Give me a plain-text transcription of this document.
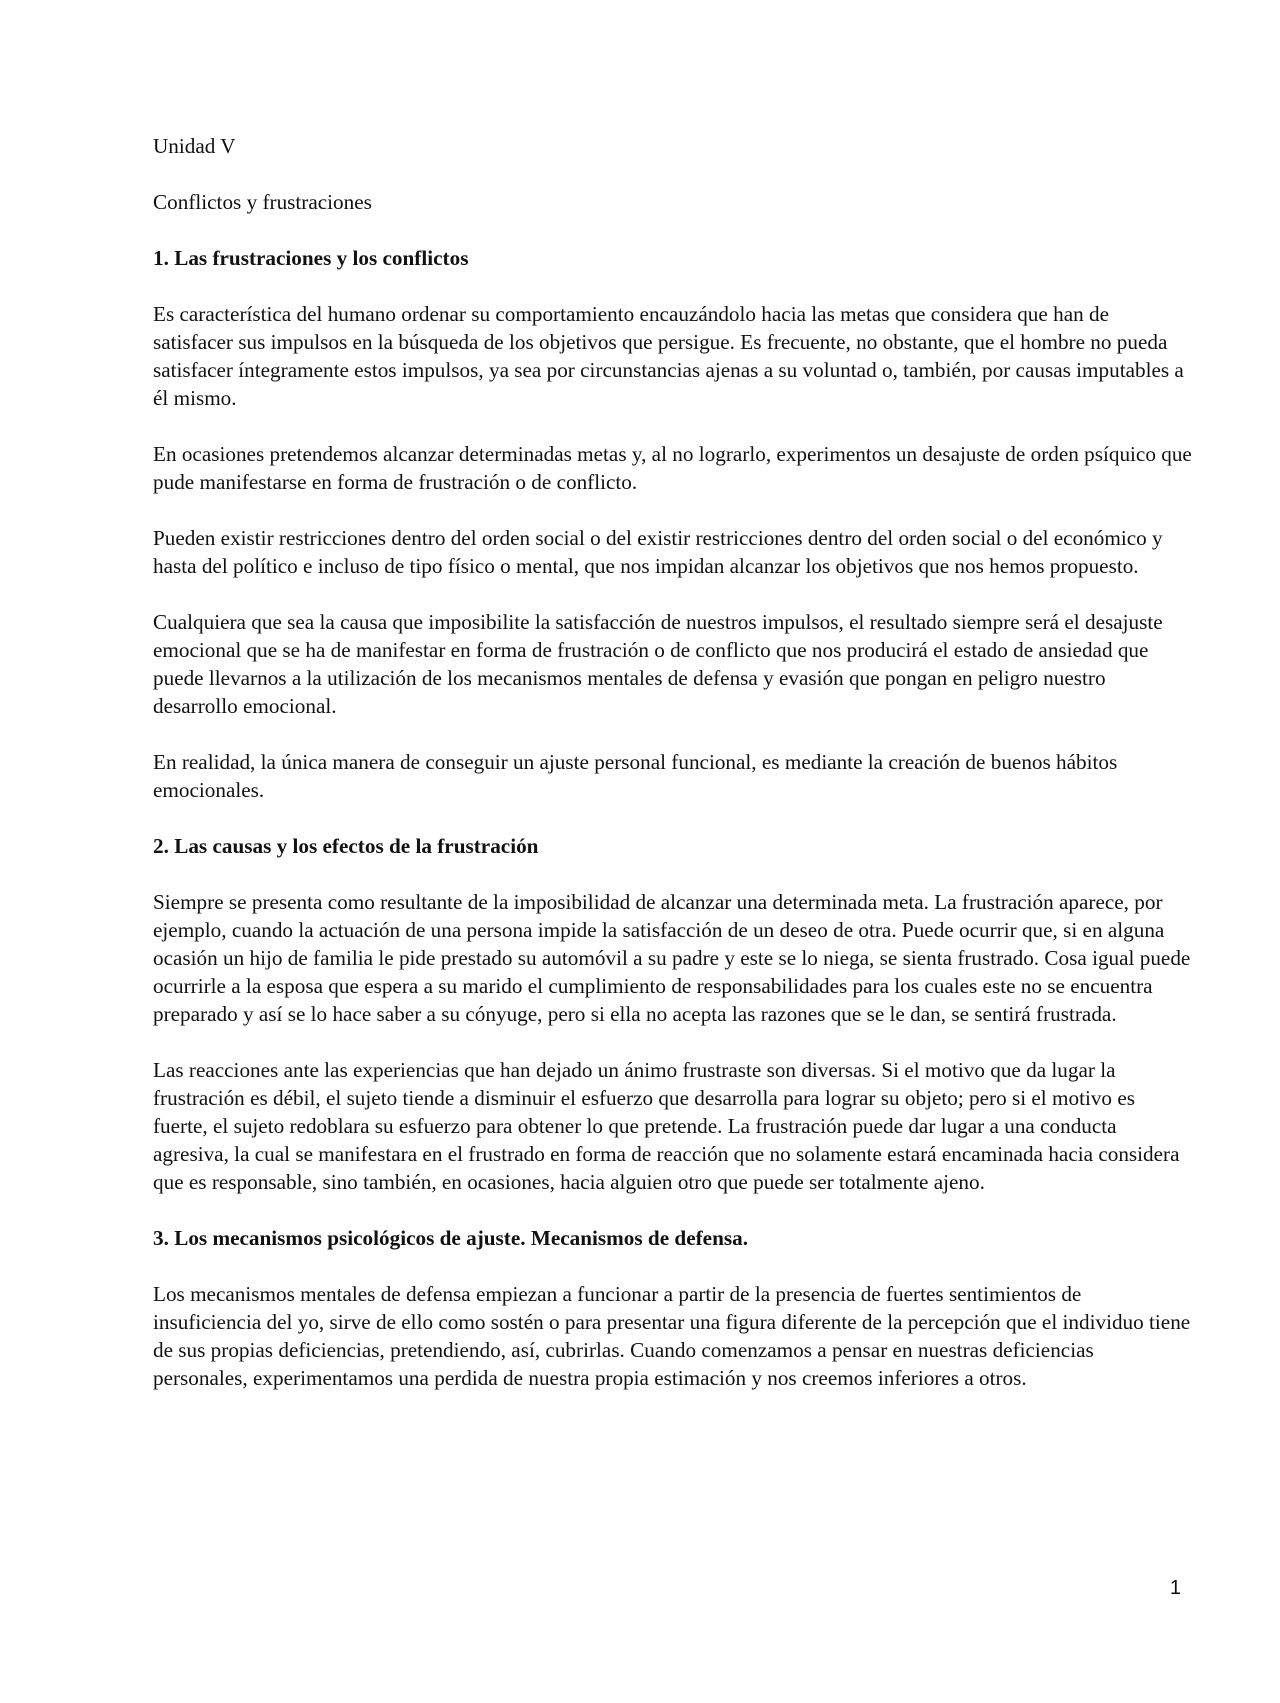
Unidad V
Conflictos y frustraciones
1. Las frustraciones y los conflictos

Es característica del humano ordenar su comportamiento encauzándolo hacia las metas que considera que han de satisfacer sus impulsos en la búsqueda de los objetivos que persigue. Es frecuente, no obstante, que el hombre no pueda satisfacer íntegramente estos impulsos, ya sea por circunstancias ajenas a su voluntad o, también, por causas imputables a él mismo.

En ocasiones pretendemos alcanzar determinadas metas y, al no lograrlo, experimentos un desajuste de orden psíquico que pude manifestarse en forma de frustración o de conflicto.

Pueden existir restricciones dentro del orden social o del existir restricciones dentro del orden social o del económico y hasta del político e incluso de tipo físico o mental, que nos impidan alcanzar los objetivos que nos hemos propuesto.

Cualquiera que sea la causa que imposibilite la satisfacción de nuestros impulsos, el resultado siempre será el desajuste emocional que se ha de manifestar en forma de frustración o de conflicto que nos producirá el estado de ansiedad que puede llevarnos a la utilización de los mecanismos mentales de defensa y evasión que pongan en peligro nuestro desarrollo emocional.

En realidad, la única manera de conseguir un ajuste personal funcional, es mediante la creación de buenos hábitos emocionales.

2. Las causas y los efectos de la frustración

Siempre se presenta como resultante de la imposibilidad de alcanzar una determinada meta. La frustración aparece, por ejemplo, cuando la actuación de una persona impide la satisfacción de un deseo de otra. Puede ocurrir que, si en alguna ocasión un hijo de familia le pide prestado su automóvil a su padre y este se lo niega, se sienta frustrado. Cosa igual puede ocurrirle a la esposa que espera a su marido el cumplimiento de responsabilidades para los cuales este no se encuentra preparado y así se lo hace saber a su cónyuge, pero si ella no acepta las razones que se le dan, se sentirá frustrada.

Las reacciones ante las experiencias que han dejado un ánimo frustraste son diversas. Si el motivo que da lugar la frustración es débil, el sujeto tiende a disminuir el esfuerzo que desarrolla para lograr su objeto; pero si el motivo es fuerte, el sujeto redoblara su esfuerzo para obtener lo que pretende. La frustración puede dar lugar a una conducta agresiva, la cual se manifestara en el frustrado en forma de reacción que no solamente estará encaminada hacia considera que es responsable, sino también, en ocasiones, hacia alguien otro que puede ser totalmente ajeno.

3. Los mecanismos psicológicos de ajuste. Mecanismos de defensa.

Los mecanismos mentales de defensa empiezan a funcionar a partir de la presencia de fuertes sentimientos de insuficiencia del yo, sirve de ello como sostén o para presentar una figura diferente de la percepción que el individuo tiene de sus propias deficiencias, pretendiendo, así, cubrirlas. Cuando comenzamos a pensar en nuestras deficiencias personales, experimentamos una perdida de nuestra propia estimación y nos creemos inferiores a otros.

1
